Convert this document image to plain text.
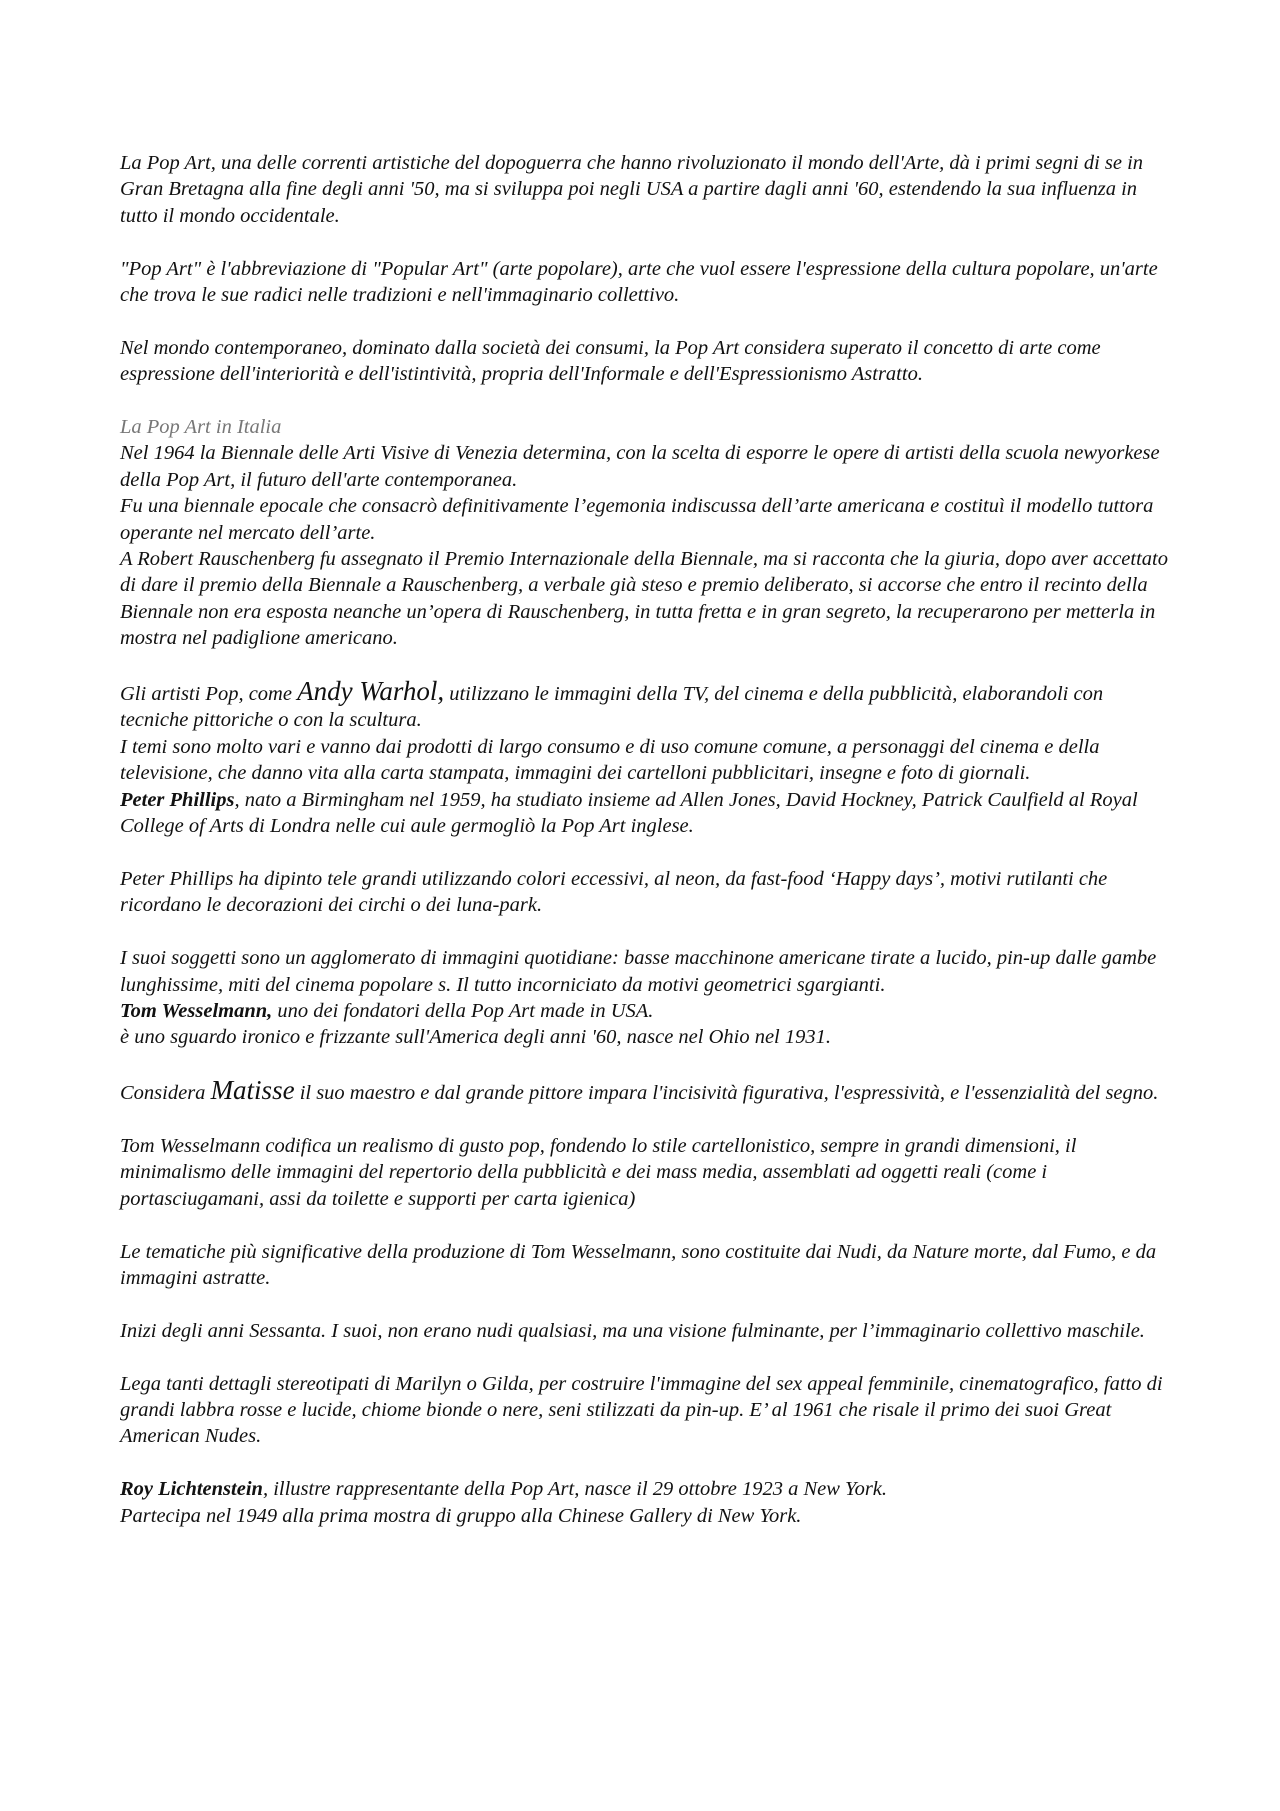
La Pop Art, una delle correnti artistiche del dopoguerra che hanno rivoluzionato il mondo dell'Arte, dà i primi segni di se in Gran Bretagna alla fine degli anni '50, ma si sviluppa poi negli USA a partire dagli anni '60, estendendo la sua influenza in tutto il mondo occidentale.

"Pop Art" è l'abbreviazione di "Popular Art" (arte popolare), arte che vuol essere l'espressione della cultura popolare, un'arte che trova le sue radici nelle tradizioni e nell'immaginario collettivo.

Nel mondo contemporaneo, dominato dalla società dei consumi, la Pop Art considera superato il concetto di arte come espressione dell'interiorità e dell'istintività, propria dell'Informale e dell'Espressionismo Astratto.

La Pop Art in Italia

Nel 1964 la Biennale delle Arti Visive di Venezia determina, con la scelta di esporre le opere di artisti della scuola newyorkese della Pop Art, il futuro dell'arte contemporanea.

Fu una biennale epocale che consacrò definitivamente l’egemonia indiscussa dell’arte americana e costituì il modello tuttora operante nel mercato dell’arte.

A Robert Rauschenberg fu assegnato il Premio Internazionale della Biennale, ma si racconta che la giuria, dopo aver accettato di dare il premio della Biennale a Rauschenberg, a verbale già steso e premio deliberato, si accorse che entro il recinto della Biennale non era esposta neanche un’opera di Rauschenberg, in tutta fretta e in gran segreto, la recuperarono per metterla in mostra nel padiglione americano.

Gli artisti Pop, come Andy Warhol, utilizzano le immagini della TV, del cinema e della pubblicità, elaborandoli con tecniche pittoriche o con la scultura.

I temi sono molto vari e vanno dai prodotti di largo consumo e di uso comune comune, a personaggi del cinema e della televisione, che danno vita alla carta stampata, immagini dei cartelloni pubblicitari, insegne e foto di giornali.

Peter Phillips, nato a Birmingham nel 1959, ha studiato insieme ad Allen Jones, David Hockney, Patrick Caulfield al Royal College of Arts di Londra nelle cui aule germogliò la Pop Art inglese.

Peter Phillips ha dipinto tele grandi utilizzando colori eccessivi, al neon, da fast-food ‘Happy days’, motivi rutilanti che ricordano le decorazioni dei circhi o dei luna-park.

I suoi soggetti sono un agglomerato di immagini quotidiane: basse macchinone americane tirate a lucido, pin-up dalle gambe lunghissime, miti del cinema popolare s. Il tutto incorniciato da motivi geometrici sgargianti.

Tom Wesselmann, uno dei fondatori della Pop Art made in USA.

è uno sguardo ironico e frizzante sull'America degli anni '60, nasce nel Ohio nel 1931.

Considera Matisse il suo maestro e dal grande pittore impara l'incisività figurativa, l'espressività, e l'essenzialità del segno.

Tom Wesselmann codifica un realismo di gusto pop, fondendo lo stile cartellonistico, sempre in grandi dimensioni, il minimalismo delle immagini del repertorio della pubblicità e dei mass media, assemblati ad oggetti reali (come i portasciugamani, assi da toilette e supporti per carta igienica)

Le tematiche più significative della produzione di Tom Wesselmann, sono costituite dai Nudi, da Nature morte, dal Fumo, e da immagini astratte.

Inizi degli anni Sessanta. I suoi, non erano nudi qualsiasi, ma una visione fulminante, per l’immaginario collettivo maschile.

Lega tanti dettagli stereotipati di Marilyn o Gilda, per costruire l'immagine del sex appeal femminile, cinematografico, fatto di grandi labbra rosse e lucide, chiome bionde o nere, seni stilizzati da pin-up. E’ al 1961 che risale il primo dei suoi Great American Nudes.

Roy Lichtenstein, illustre rappresentante della Pop Art, nasce il 29 ottobre 1923 a New York.

Partecipa nel 1949 alla prima mostra di gruppo alla Chinese Gallery di New York.
